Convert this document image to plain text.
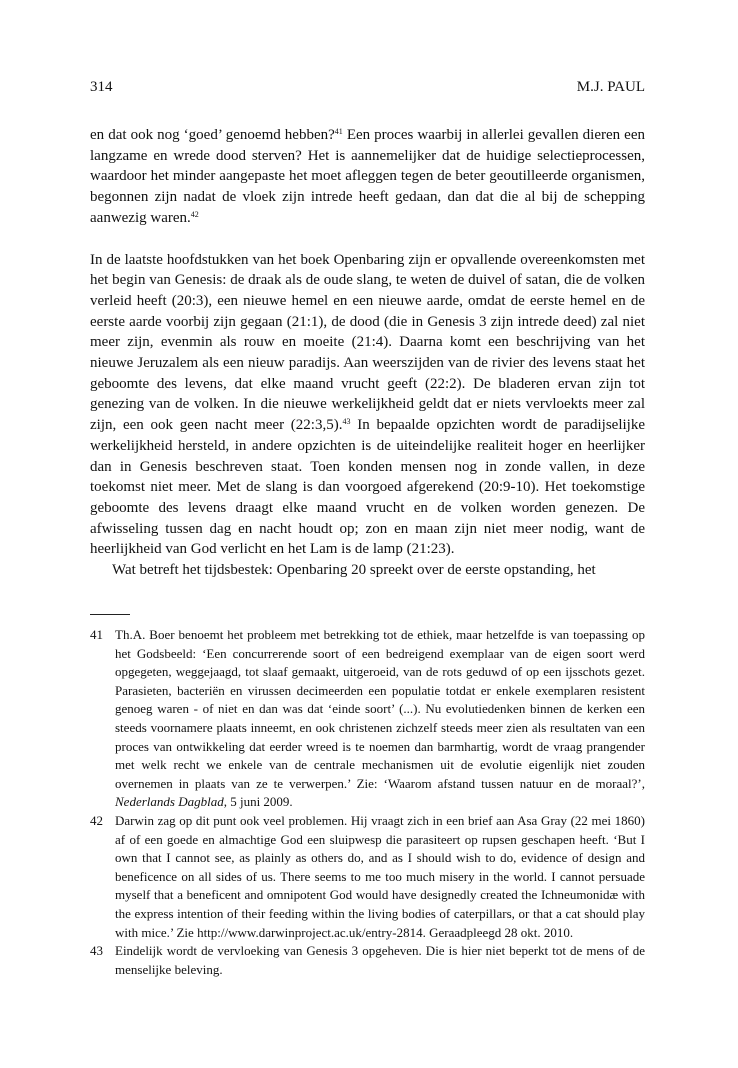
314	M.J. PAUL

en dat ook nog ‘goed’ genoemd hebben?$^{41}$ Een proces waarbij in allerlei gevallen dieren een langzame en wrede dood sterven? Het is aannemelijker dat de huidige selectieprocessen, waardoor het minder aangepaste het moet afleggen tegen de beter geoutilleerde organismen, begonnen zijn nadat de vloek zijn intrede heeft gedaan, dan dat die al bij de schepping aanwezig waren.$^{42}$

In de laatste hoofdstukken van het boek Openbaring zijn er opvallende overeenkomsten met het begin van Genesis: de draak als de oude slang, te weten de duivel of satan, die de volken verleid heeft (20:3), een nieuwe hemel en een nieuwe aarde, omdat de eerste hemel en de eerste aarde voorbij zijn gegaan (21:1), de dood (die in Genesis 3 zijn intrede deed) zal niet meer zijn, evenmin als rouw en moeite (21:4). Daarna komt een beschrijving van het nieuwe Jeruzalem als een nieuw paradijs. Aan weerszijden van de rivier des levens staat het geboomte des levens, dat elke maand vrucht geeft (22:2). De bladeren ervan zijn tot genezing van de volken. In die nieuwe werkelijkheid geldt dat er niets vervloekts meer zal zijn, een ook geen nacht meer (22:3,5).$^{43}$ In bepaalde opzichten wordt de paradijselijke werkelijkheid hersteld, in andere opzichten is de uiteindelijke realiteit hoger en heerlijker dan in Genesis beschreven staat. Toen konden mensen nog in zonde vallen, in deze toekomst niet meer. Met de slang is dan voorgoed afgerekend (20:9-10). Het toekomstige geboomte des levens draagt elke maand vrucht en de volken worden genezen. De afwisseling tussen dag en nacht houdt op; zon en maan zijn niet meer nodig, want de heerlijkheid van God verlicht en het Lam is de lamp (21:23).

Wat betreft het tijdsbestek: Openbaring 20 spreekt over de eerste opstanding, het

41 Th.A. Boer benoemt het probleem met betrekking tot de ethiek, maar hetzelfde is van toepassing op het Godsbeeld: ‘Een concurrerende soort of een bedreigend exemplaar van de eigen soort werd opgegeten, weggejaagd, tot slaaf gemaakt, uitgeroeid, van de rots geduwd of op een ijsschots gezet. Parasieten, bacteriën en virussen decimeerden een populatie totdat er enkele exemplaren resistent genoeg waren - of niet en dan was dat ‘einde soort’ (...). Nu evolutiedenken binnen de kerken een steeds voornamere plaats inneemt, en ook christenen zichzelf steeds meer zien als resultaten van een proces van ontwikkeling dat eerder wreed is te noemen dan barmhartig, wordt de vraag prangender met welk recht we enkele van de centrale mechanismen uit de evolutie eigenlijk niet zouden overnemen in plaats van ze te verwerpen.’ Zie: ‘Waarom afstand tussen natuur en de moraal?’, Nederlands Dagblad, 5 juni 2009.
42 Darwin zag op dit punt ook veel problemen. Hij vraagt zich in een brief aan Asa Gray (22 mei 1860) af of een goede en almachtige God een sluipwesp die parasiteert op rupsen geschapen heeft. ‘But I own that I cannot see, as plainly as others do, and as I should wish to do, evidence of design and beneficence on all sides of us. There seems to me too much misery in the world. I cannot persuade myself that a beneficent and omnipotent God would have designedly created the Ichneumonidæ with the express intention of their feeding within the living bodies of caterpillars, or that a cat should play with mice.’ Zie http://www.darwinproject.ac.uk/entry-2814. Geraadpleegd 28 okt. 2010.
43 Eindelijk wordt de vervloeking van Genesis 3 opgeheven. Die is hier niet beperkt tot de mens of de menselijke beleving.
